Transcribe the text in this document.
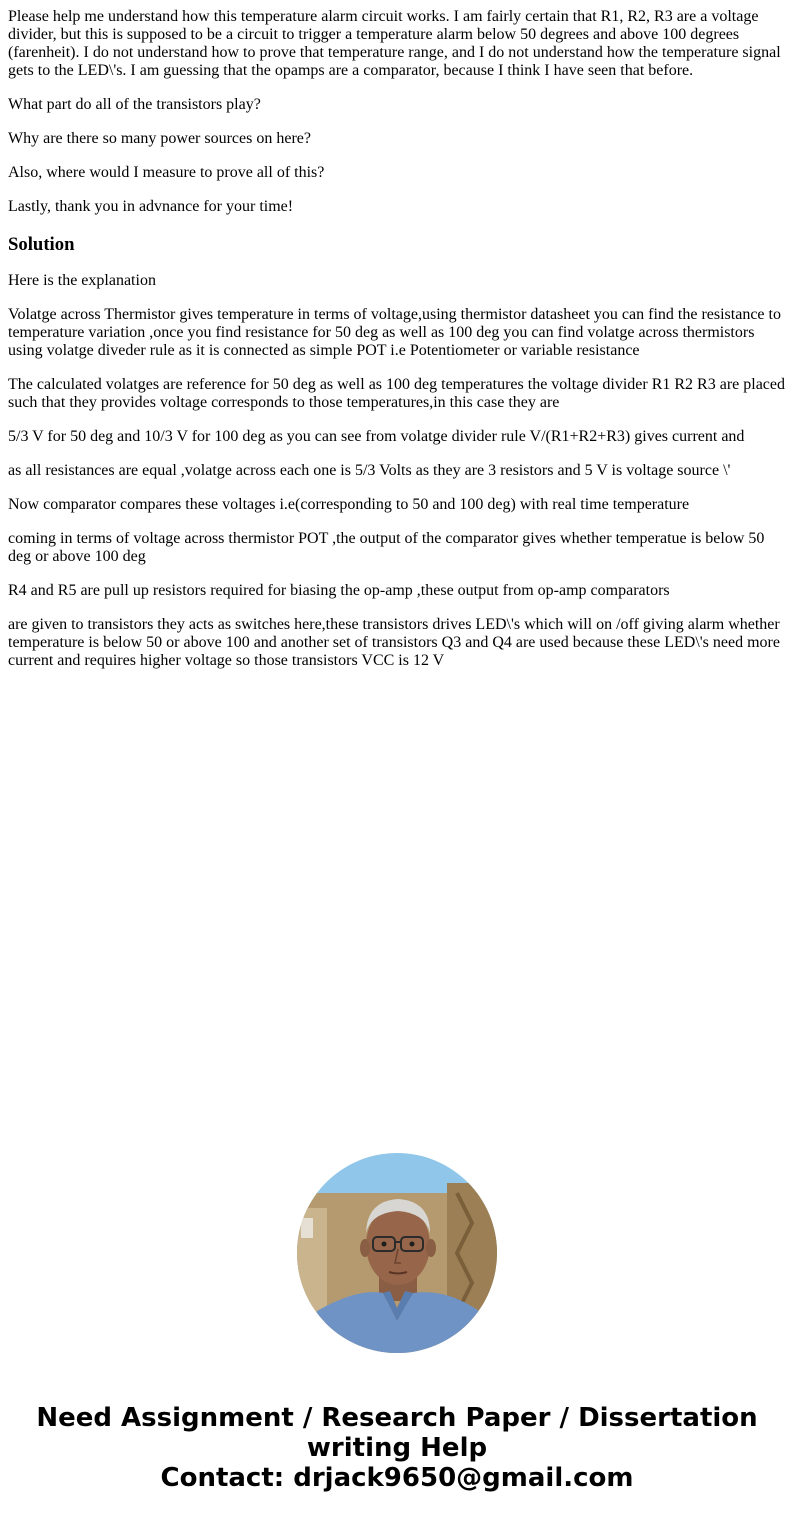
Please help me understand how this temperature alarm circuit works. I am fairly certain that R1, R2, R3 are a voltage divider, but this is supposed to be a circuit to trigger a temperature alarm below 50 degrees and above 100 degrees (farenheit). I do not understand how to prove that temperature range, and I do not understand how the temperature signal gets to the LED\'s. I am guessing that the opamps are a comparator, because I think I have seen that before.

What part do all of the transistors play?

Why are there so many power sources on here?

Also, where would I measure to prove all of this?

Lastly, thank you in advnance for your time!

Solution

Here is the explanation

Volatge across Thermistor gives temperature in terms of voltage,using thermistor datasheet you can find the resistance to temperature variation ,once you find resistance for 50 deg as well as 100 deg you can find volatge across thermistors using volatge diveder rule as it is connected as simple POT i.e Potentiometer or variable resistance

The calculated volatges are reference for 50 deg as well as 100 deg temperatures the voltage divider R1 R2 R3 are placed such that they provides voltage corresponds to those temperatures,in this case they are

5/3 V for 50 deg and 10/3 V for 100 deg as you can see from volatge divider rule V/(R1+R2+R3) gives current and

as all resistances are equal ,volatge across each one is 5/3 Volts as they are 3 resistors and 5 V is voltage source \'

Now comparator compares these voltages i.e(corresponding to 50 and 100 deg) with real time temperature

coming in terms of voltage across thermistor POT ,the output of the comparator gives whether temperatue is below 50 deg or above 100 deg

R4 and R5 are pull up resistors required for biasing the op-amp ,these output from op-amp comparators

are given to transistors they acts as switches here,these transistors drives LED\'s which will on /off giving alarm whether temperature is below 50 or above 100 and another set of transistors Q3 and Q4 are used because these LED\'s need more current and requires higher voltage so those transistors VCC is 12 V

Need Assignment / Research Paper / Dissertation
writing Help
Contact: drjack9650@gmail.com
